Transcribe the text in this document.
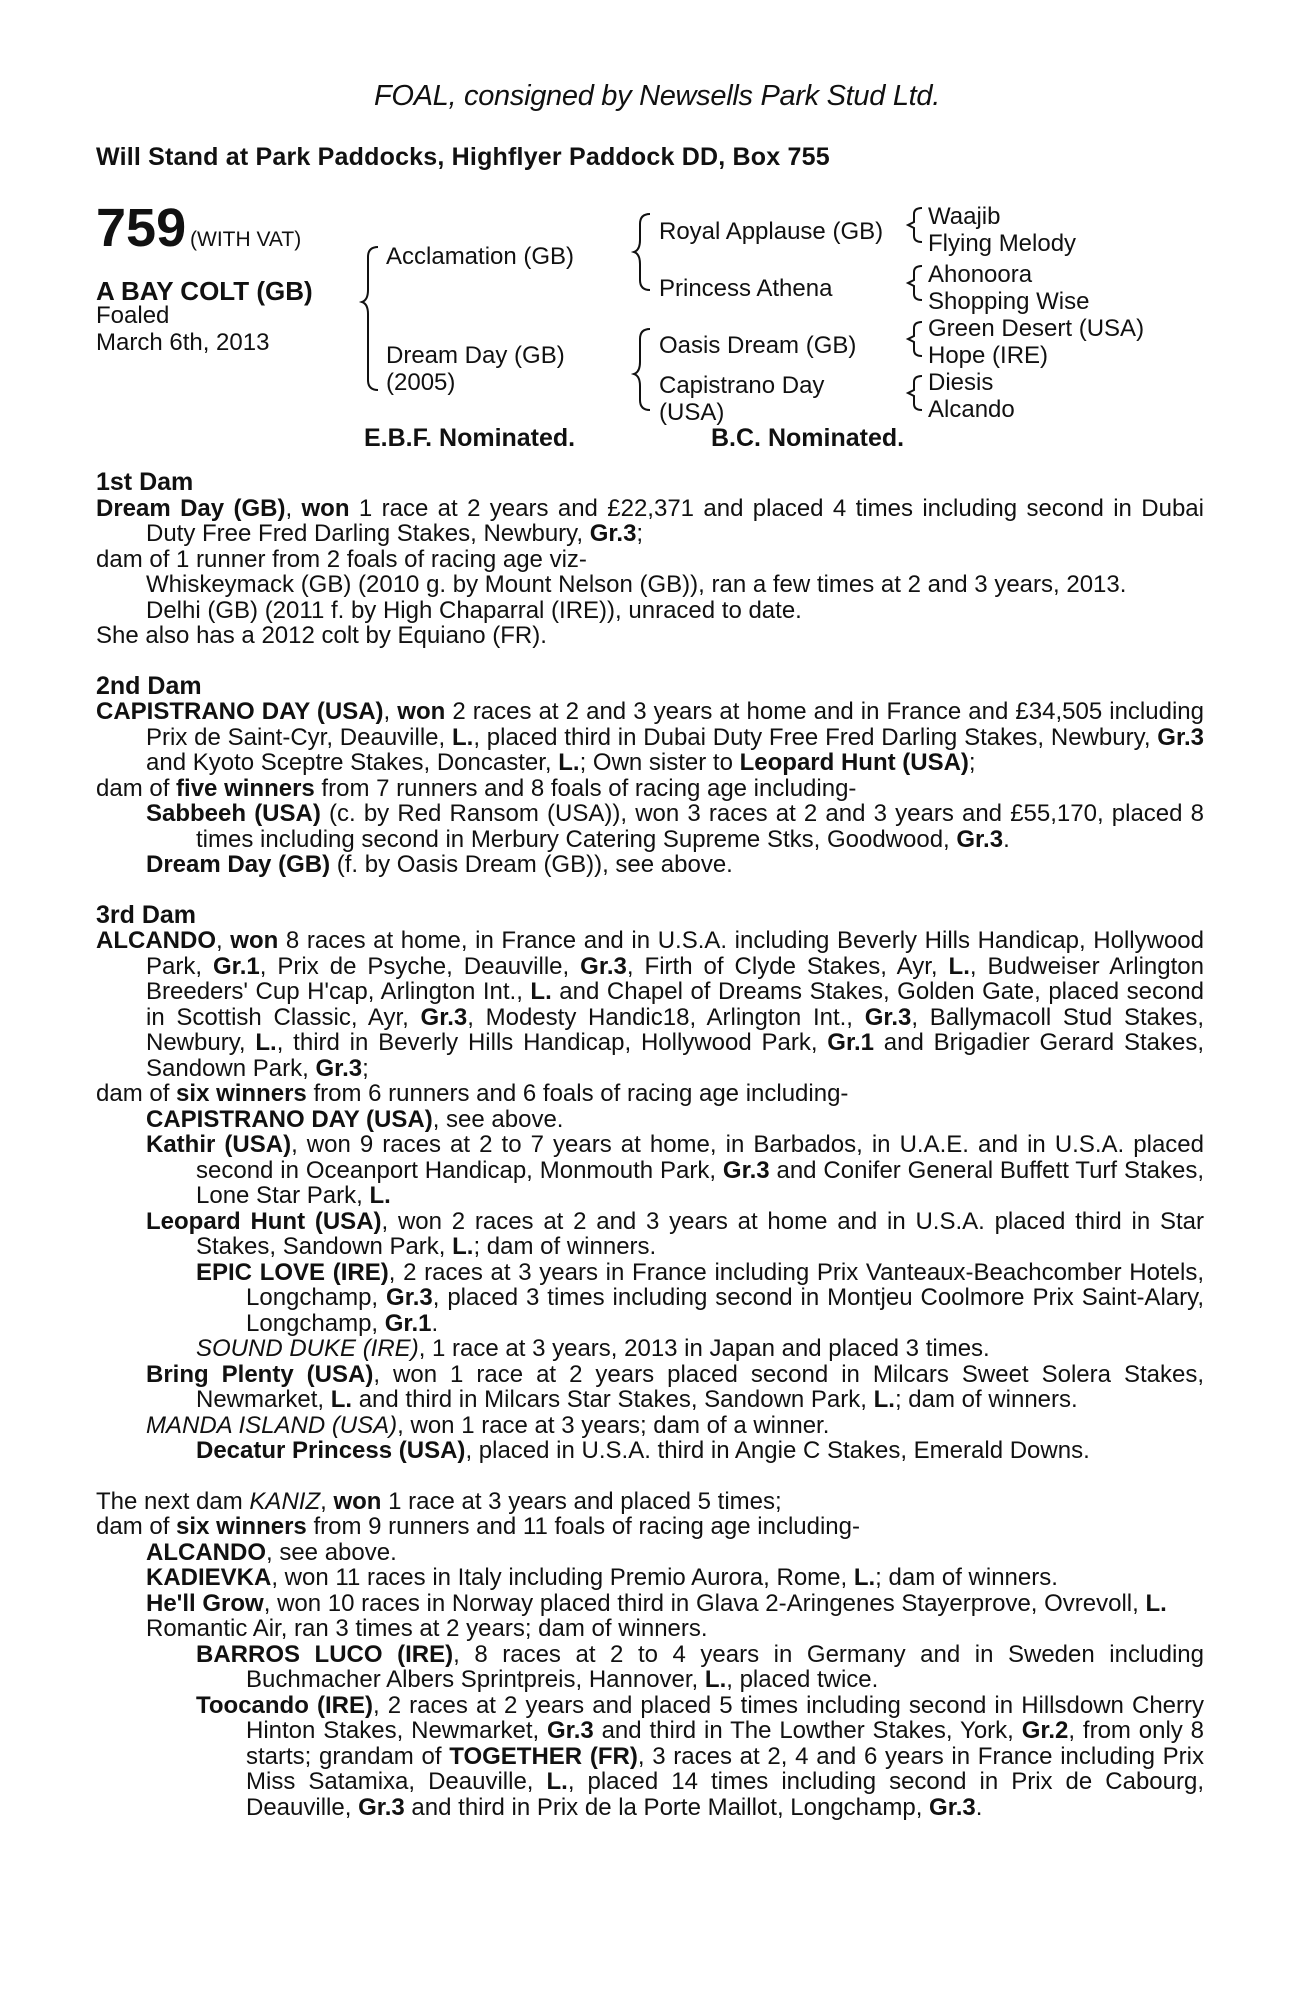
FOAL, consigned by Newsells Park Stud Ltd.
Will Stand at Park Paddocks, Highflyer Paddock DD, Box 755
759 (WITH VAT)
A BAY COLT (GB)
Foaled
March 6th, 2013
Acclamation (GB)
Dream Day (GB)
(2005)
Royal Applause (GB)
Princess Athena
Oasis Dream (GB)
Capistrano Day
(USA)
Waajib
Flying Melody
Ahonoora
Shopping Wise
Green Desert (USA)
Hope (IRE)
Diesis
Alcando
E.B.F. Nominated.	B.C. Nominated.
1st Dam
Dream Day (GB), won 1 race at 2 years and £22,371 and placed 4 times including second in Dubai Duty Free Fred Darling Stakes, Newbury, Gr.3;
dam of 1 runner from 2 foals of racing age viz-
Whiskeymack (GB) (2010 g. by Mount Nelson (GB)), ran a few times at 2 and 3 years, 2013.
Delhi (GB) (2011 f. by High Chaparral (IRE)), unraced to date.
She also has a 2012 colt by Equiano (FR).
2nd Dam
CAPISTRANO DAY (USA), won 2 races at 2 and 3 years at home and in France and £34,505 including Prix de Saint-Cyr, Deauville, L., placed third in Dubai Duty Free Fred Darling Stakes, Newbury, Gr.3 and Kyoto Sceptre Stakes, Doncaster, L.; Own sister to Leopard Hunt (USA);
dam of five winners from 7 runners and 8 foals of racing age including-
Sabbeeh (USA) (c. by Red Ransom (USA)), won 3 races at 2 and 3 years and £55,170, placed 8 times including second in Merbury Catering Supreme Stks, Goodwood, Gr.3.
Dream Day (GB) (f. by Oasis Dream (GB)), see above.
3rd Dam
ALCANDO, won 8 races at home, in France and in U.S.A. including Beverly Hills Handicap, Hollywood Park, Gr.1, Prix de Psyche, Deauville, Gr.3, Firth of Clyde Stakes, Ayr, L., Budweiser Arlington Breeders' Cup H'cap, Arlington Int., L. and Chapel of Dreams Stakes, Golden Gate, placed second in Scottish Classic, Ayr, Gr.3, Modesty Handic18, Arlington Int., Gr.3, Ballymacoll Stud Stakes, Newbury, L., third in Beverly Hills Handicap, Hollywood Park, Gr.1 and Brigadier Gerard Stakes, Sandown Park, Gr.3;
dam of six winners from 6 runners and 6 foals of racing age including-
CAPISTRANO DAY (USA), see above.
Kathir (USA), won 9 races at 2 to 7 years at home, in Barbados, in U.A.E. and in U.S.A. placed second in Oceanport Handicap, Monmouth Park, Gr.3 and Conifer General Buffett Turf Stakes, Lone Star Park, L.
Leopard Hunt (USA), won 2 races at 2 and 3 years at home and in U.S.A. placed third in Star Stakes, Sandown Park, L.; dam of winners.
EPIC LOVE (IRE), 2 races at 3 years in France including Prix Vanteaux-Beachcomber Hotels, Longchamp, Gr.3, placed 3 times including second in Montjeu Coolmore Prix Saint-Alary, Longchamp, Gr.1.
SOUND DUKE (IRE), 1 race at 3 years, 2013 in Japan and placed 3 times.
Bring Plenty (USA), won 1 race at 2 years placed second in Milcars Sweet Solera Stakes, Newmarket, L. and third in Milcars Star Stakes, Sandown Park, L.; dam of winners.
MANDA ISLAND (USA), won 1 race at 3 years; dam of a winner.
Decatur Princess (USA), placed in U.S.A. third in Angie C Stakes, Emerald Downs.
The next dam KANIZ, won 1 race at 3 years and placed 5 times;
dam of six winners from 9 runners and 11 foals of racing age including-
ALCANDO, see above.
KADIEVKA, won 11 races in Italy including Premio Aurora, Rome, L.; dam of winners.
He'll Grow, won 10 races in Norway placed third in Glava 2-Aringenes Stayerprove, Ovrevoll, L.
Romantic Air, ran 3 times at 2 years; dam of winners.
BARROS LUCO (IRE), 8 races at 2 to 4 years in Germany and in Sweden including Buchmacher Albers Sprintpreis, Hannover, L., placed twice.
Toocando (IRE), 2 races at 2 years and placed 5 times including second in Hillsdown Cherry Hinton Stakes, Newmarket, Gr.3 and third in The Lowther Stakes, York, Gr.2, from only 8 starts; grandam of TOGETHER (FR), 3 races at 2, 4 and 6 years in France including Prix Miss Satamixa, Deauville, L., placed 14 times including second in Prix de Cabourg, Deauville, Gr.3 and third in Prix de la Porte Maillot, Longchamp, Gr.3.
